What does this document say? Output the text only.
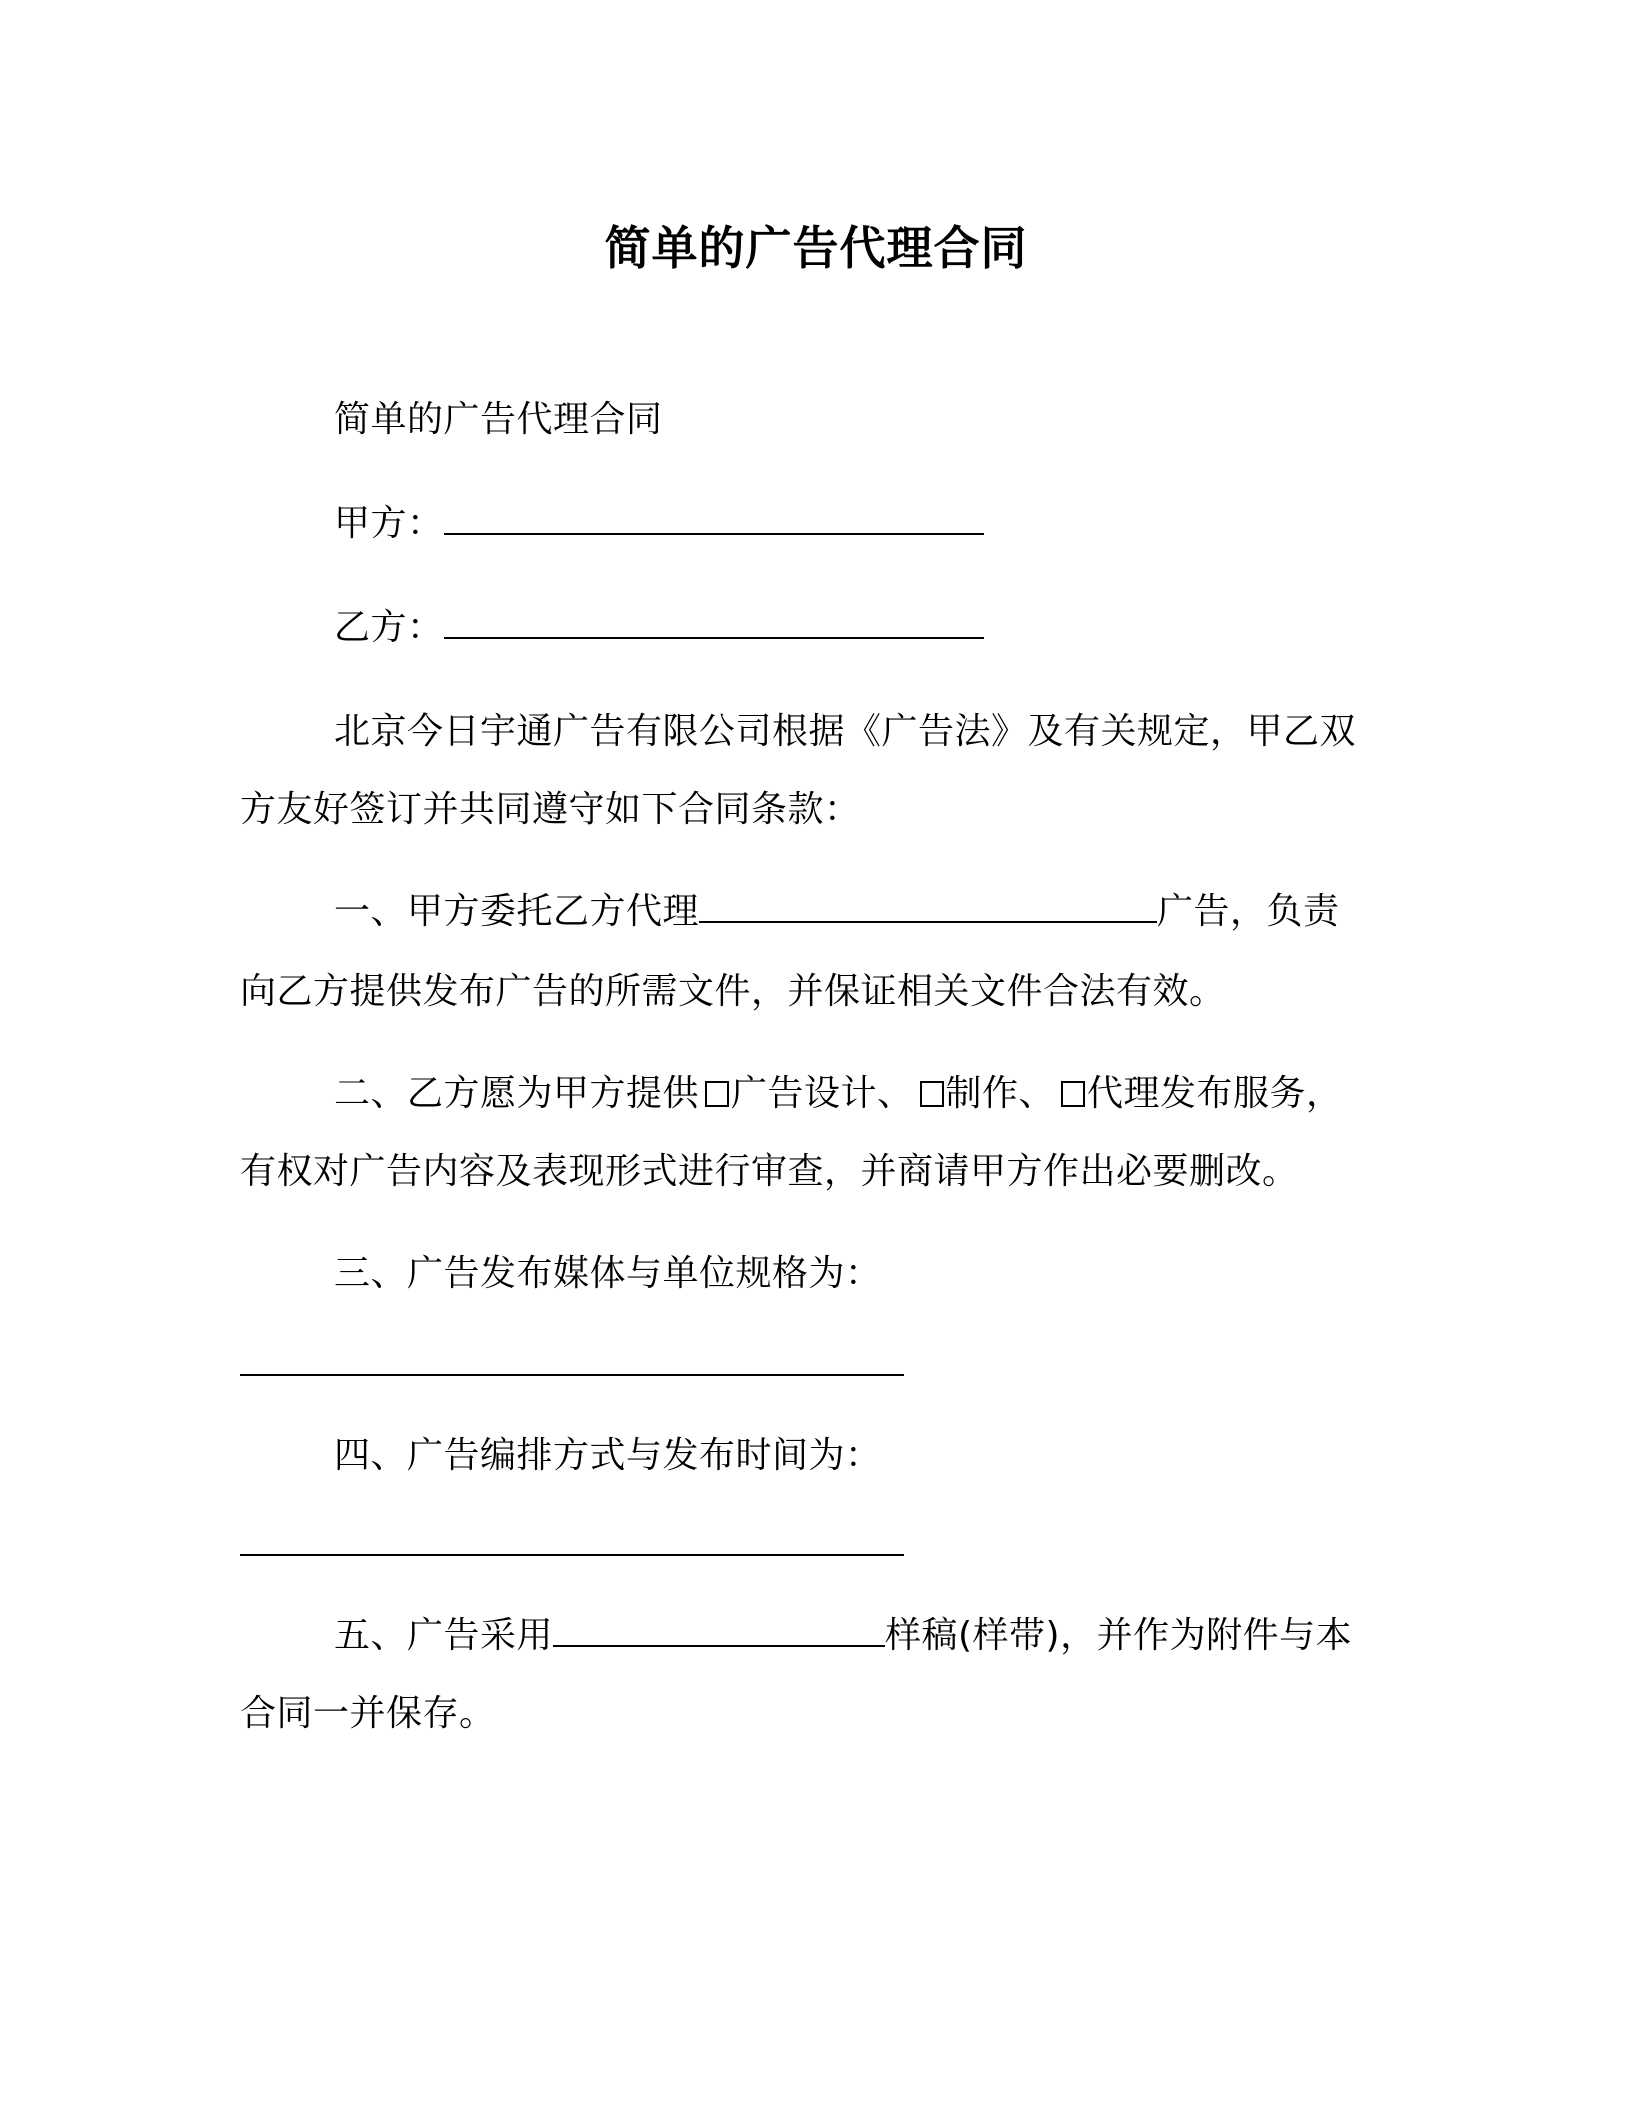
简单的广告代理合同
简单的广告代理合同
甲方：
乙方：
北京今日宇通广告有限公司根据《广告法》及有关规定，甲乙双
方友好签订并共同遵守如下合同条款：
一、甲方委托乙方代理	广告，负责
向乙方提供发布广告的所需文件，并保证相关文件合法有效。
二、乙方愿为甲方提供 广告设计、 制作、 代理发布服务，
有权对广告内容及表现形式进行审查，并商请甲方作出必要删改。
三、广告发布媒体与单位规格为：
四、广告编排方式与发布时间为：
五、广告采用	样稿(样带)，并作为附件与本
合同一并保存。
